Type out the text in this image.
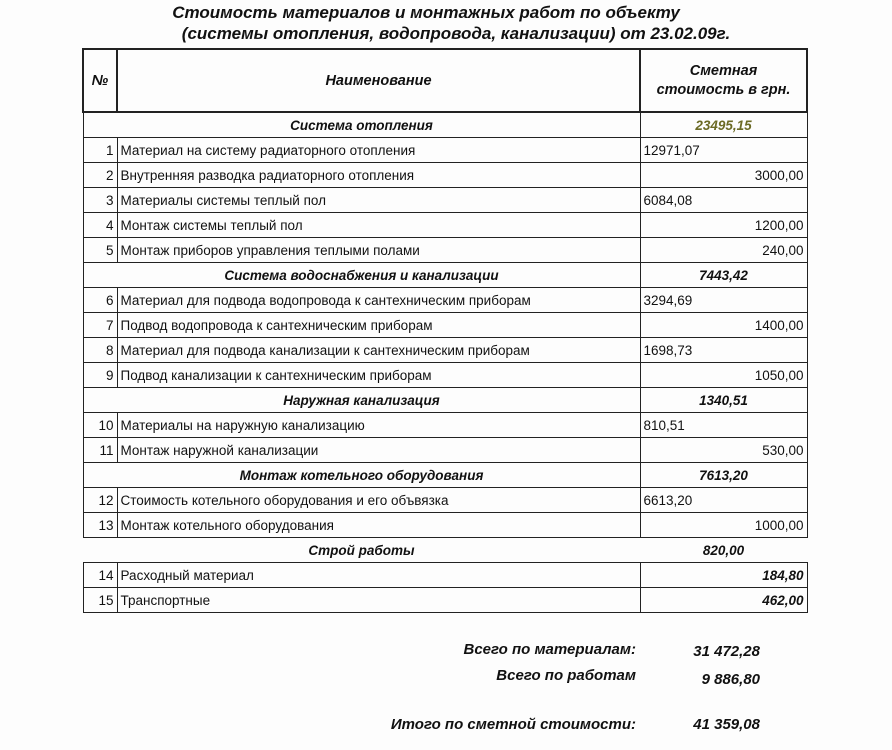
Стоимость материалов и монтажных работ по объекту
(системы отопления, водопровода, канализации) от 23.02.09г.
№	Наименование	Сметная стоимость в грн.
Система отопления		23495,15
1	Материал на систему радиаторного отопления	12971,07
2	Внутренняя разводка радиаторного отопления	3000,00
3	Материалы системы теплый пол	6084,08
4	Монтаж системы теплый пол	1200,00
5	Монтаж приборов управления теплыми полами	240,00
Система водоснабжения и канализации		7443,42
6	Материал для подвода водопровода к сантехническим приборам	3294,69
7	Подвод водопровода к сантехническим приборам	1400,00
8	Материал для подвода канализации к сантехническим приборам	1698,73
9	Подвод канализации к сантехническим приборам	1050,00
Наружная канализация		1340,51
10	Материалы на наружную канализацию	810,51
11	Монтаж наружной канализации	530,00
Монтаж котельного оборудования		7613,20
12	Стоимость котельного оборудования и его объвязка	6613,20
13	Монтаж котельного оборудования	1000,00
Строй работы		820,00
14	Расходный материал	184,80
15	Транспортные	462,00
Всего по материалам:	31 472,28
Всего по работам	9 886,80
Итого по сметной стоимости:	41 359,08
